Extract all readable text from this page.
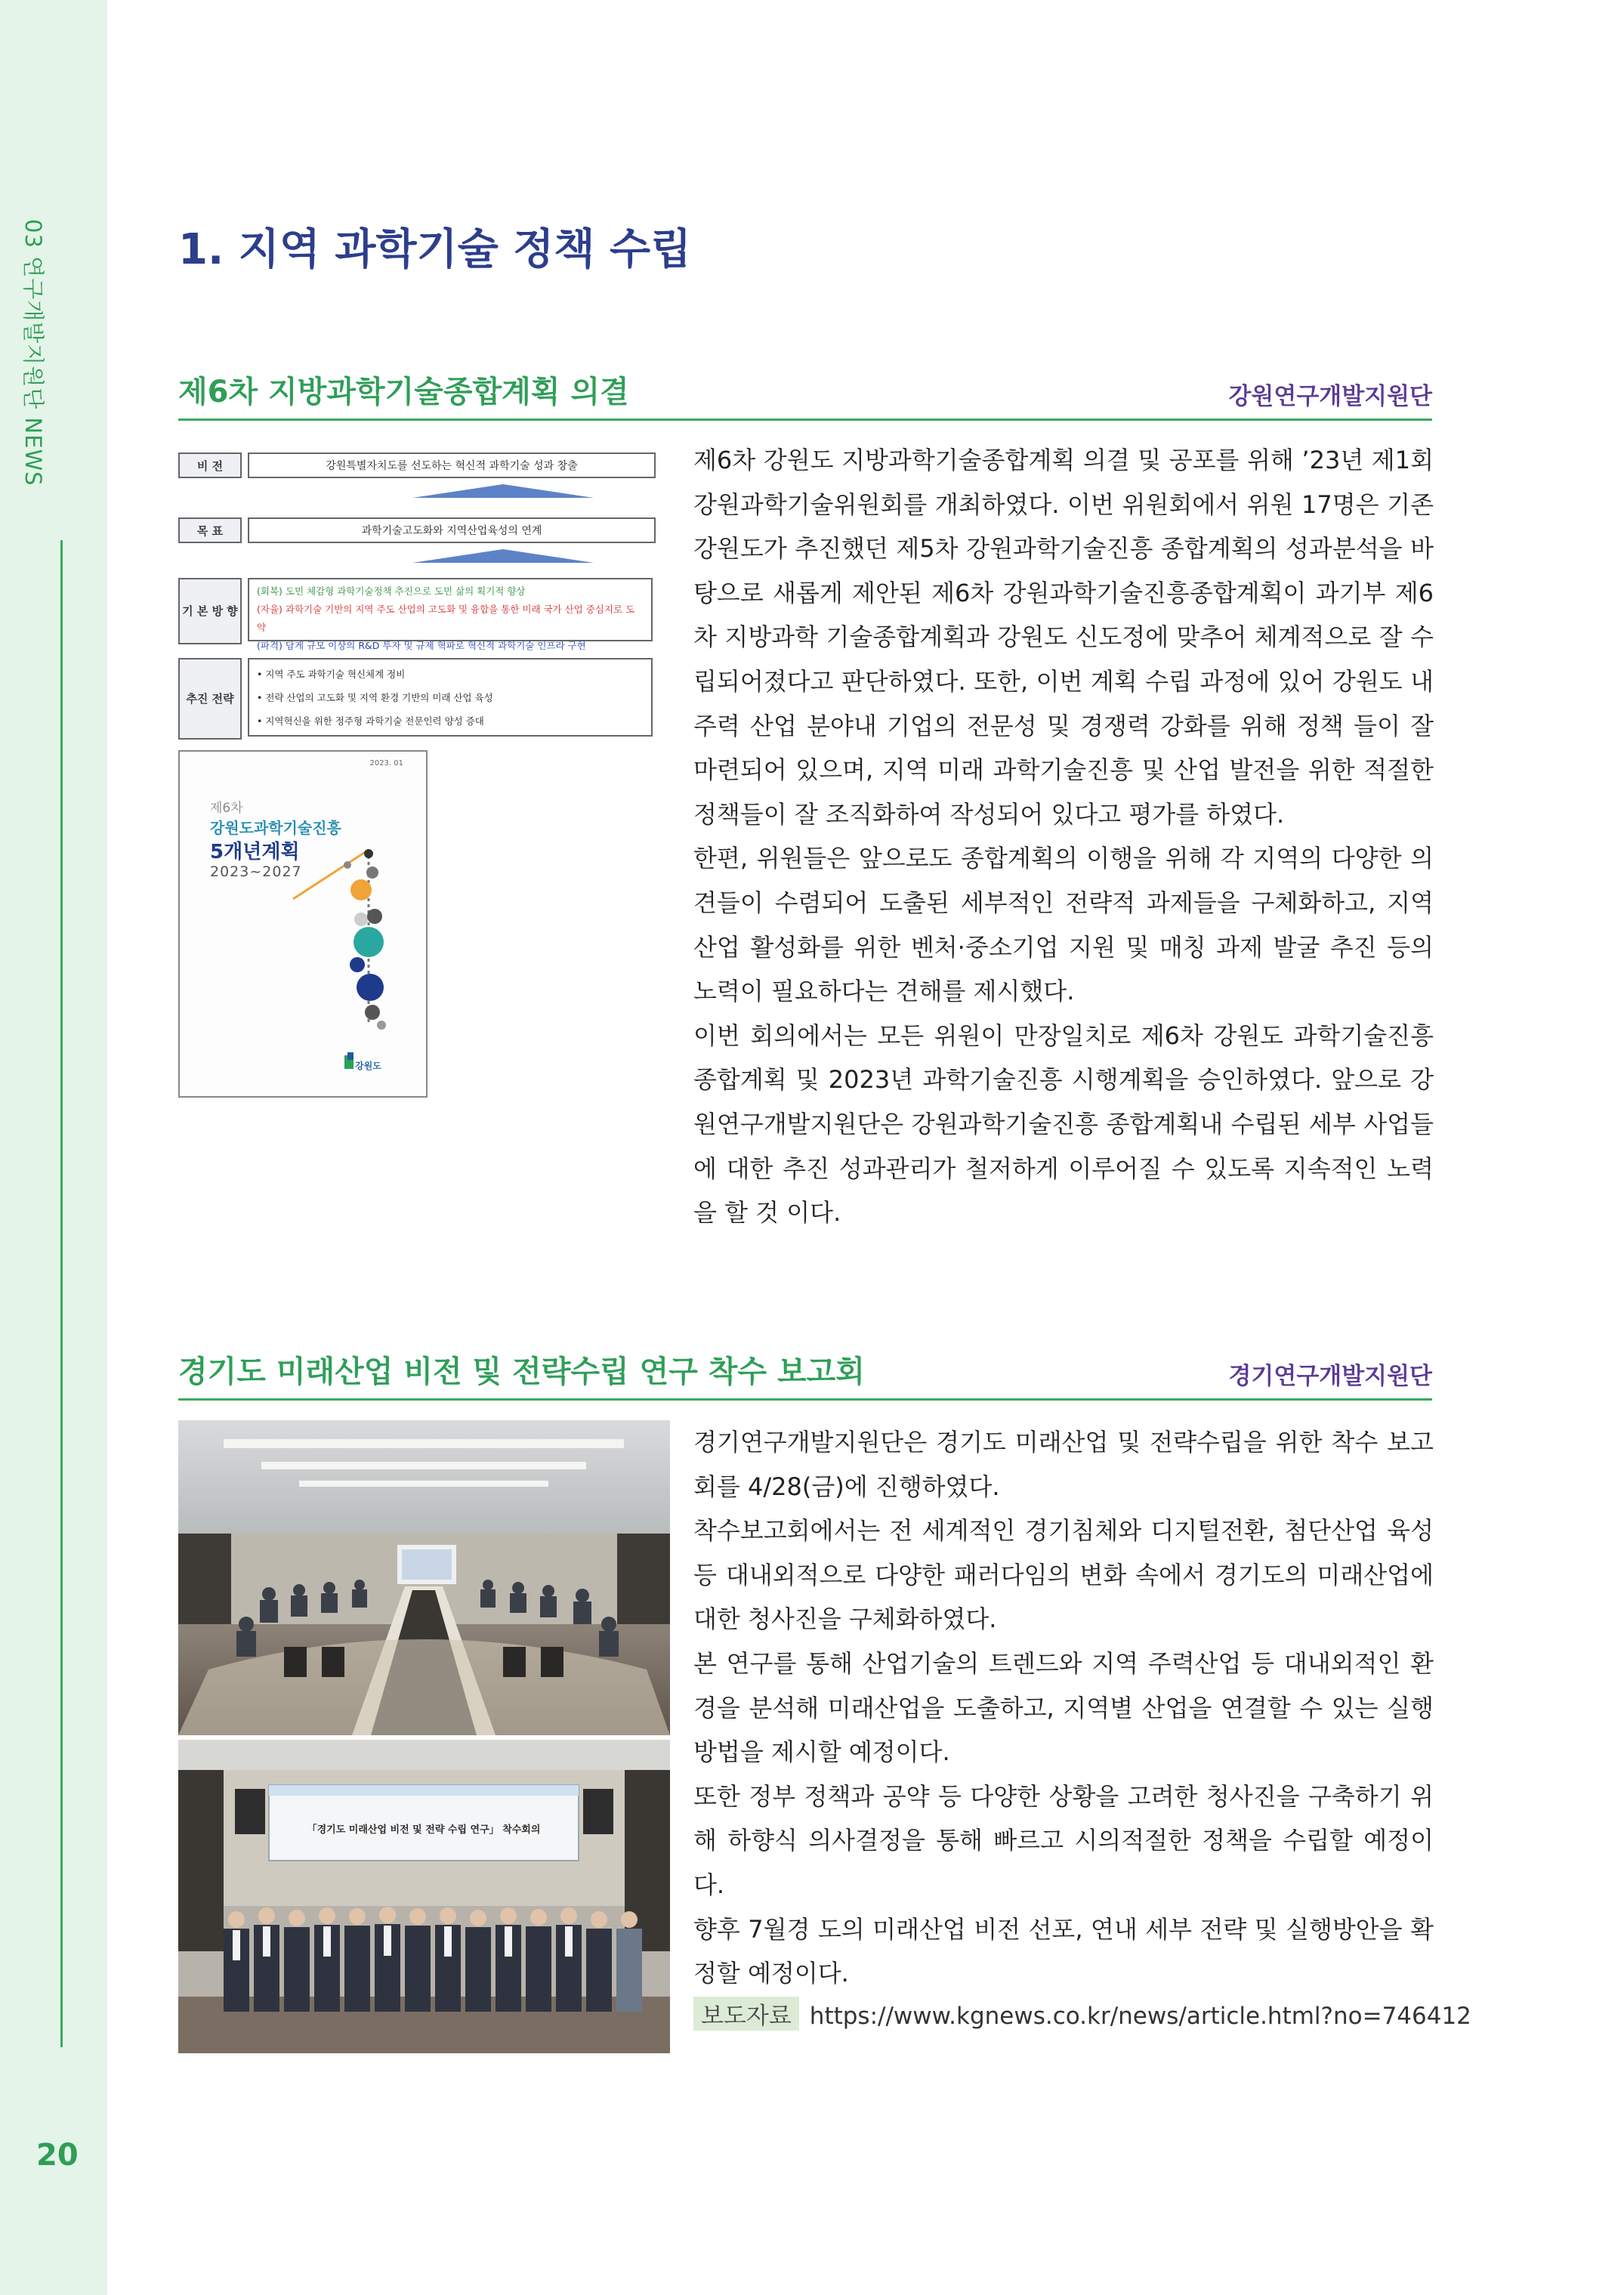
03 연구개발지원단 NEWS
20
1. 지역 과학기술 정책 수립
제6차 지방과학기술종합계획 의결	강원연구개발지원단
비 전	강원특별자치도를 선도하는 혁신적 과학기술 성과 창출
목 표	과학기술고도화와 지역산업육성의 연계
기 본 방 향
(회복) 도민 체감형 과학기술정책 추진으로 도민 삶의 획기적 향상
(자율) 과학기술 기반의 지역 주도 산업의 고도화 및 융합을 통한 미래 국가 산업 중심지로 도약
(파격) 담게 규모 이상의 R&D 투자 및 규제 혁파로 혁신적 과학기술 인프라 구현
추진 전략
• 지역 주도 과학기술 혁신체계 정비
• 전략 산업의 고도화 및 지역 환경 기반의 미래 산업 육성
• 지역혁신을 위한 정주형 과학기술 전문인력 양성 증대
2023. 01
제6차
강원도과학기술진흥
5개년계획
2023~2027
강원도

제6차 강원도 지방과학기술종합계획 의결 및 공포를 위해 ’23년 제1회 강원과학기술위원회를 개최하였다. 이번 위원회에서 위원 17명은 기존 강원도가 추진했던 제5차 강원과학기술진흥 종합계획의 성과분석을 바탕으로 새롭게 제안된 제6차 강원과학기술진흥종합계획이 과기부 제6차 지방과학 기술종합계획과 강원도 신도정에 맞추어 체계적으로 잘 수립되어졌다고 판단하였다. 또한, 이번 계획 수립 과정에 있어 강원도 내 주력 산업 분야내 기업의 전문성 및 경쟁력 강화를 위해 정책 들이 잘 마련되어 있으며, 지역 미래 과학기술진흥 및 산업 발전을 위한 적절한 정책들이 잘 조직화하여 작성되어 있다고 평가를 하였다.

한편, 위원들은 앞으로도 종합계획의 이행을 위해 각 지역의 다양한 의견들이 수렴되어 도출된 세부적인 전략적 과제들을 구체화하고, 지역 산업 활성화를 위한 벤처·중소기업 지원 및 매칭 과제 발굴 추진 등의 노력이 필요하다는 견해를 제시했다.

이번 회의에서는 모든 위원이 만장일치로 제6차 강원도 과학기술진흥 종합계획 및 2023년 과학기술진흥 시행계획을 승인하였다. 앞으로 강원연구개발지원단은 강원과학기술진흥 종합계획내 수립된 세부 사업들에 대한 추진 성과관리가 철저하게 이루어질 수 있도록 지속적인 노력을 할 것 이다.

경기도 미래산업 비전 및 전략수립 연구 착수 보고회	경기연구개발지원단
「경기도 미래산업 비전 및 전략 수립 연구」 착수회의

경기연구개발지원단은 경기도 미래산업 및 전략수립을 위한 착수 보고회를 4/28(금)에 진행하였다.

착수보고회에서는 전 세계적인 경기침체와 디지털전환, 첨단산업 육성 등 대내외적으로 다양한 패러다임의 변화 속에서 경기도의 미래산업에 대한 청사진을 구체화하였다.

본 연구를 통해 산업기술의 트렌드와 지역 주력산업 등 대내외적인 환경을 분석해 미래산업을 도출하고, 지역별 산업을 연결할 수 있는 실행방법을 제시할 예정이다.

또한 정부 정책과 공약 등 다양한 상황을 고려한 청사진을 구축하기 위해 하향식 의사결정을 통해 빠르고 시의적절한 정책을 수립할 예정이다.

향후 7월경 도의 미래산업 비전 선포, 연내 세부 전략 및 실행방안을 확정할 예정이다.

보도자료 https://www.kgnews.co.kr/news/article.html?no=746412
